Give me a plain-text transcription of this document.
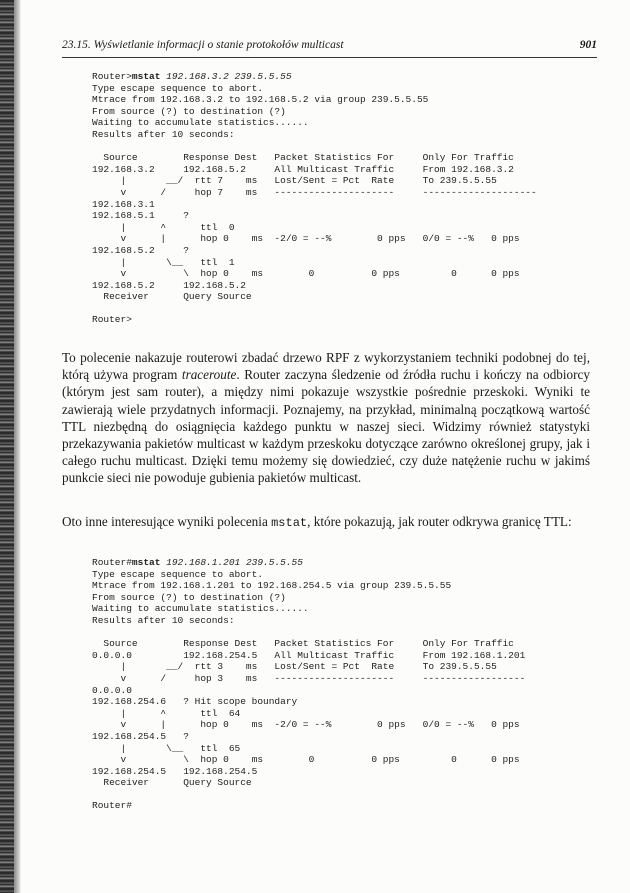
23.15. Wyświetlanie informacji o stanie protokołów multicast	901
Router>mstat 192.168.3.2 239.5.5.55
Type escape sequence to abort.
Mtrace from 192.168.3.2 to 192.168.5.2 via group 239.5.5.55
From source (?) to destination (?)
Waiting to accumulate statistics......
Results after 10 seconds:

Source        Response Dest   Packet Statistics For     Only For Traffic
192.168.3.2     192.168.5.2     All Multicast Traffic     From 192.168.3.2
|       __/  rtt 7    ms   Lost/Sent = Pct  Rate     To 239.5.5.55
v      /     hop 7    ms   ---------------------     --------------------
192.168.3.1
192.168.5.1     ?
|      ^      ttl  0
v      |      hop 0    ms  -2/0 = --%        0 pps   0/0 = --%   0 pps
192.168.5.2     ?
|       \__   ttl  1
v          \  hop 0    ms        0          0 pps         0      0 pps
192.168.5.2     192.168.5.2
Receiver      Query Source

Router>

To polecenie nakazuje routerowi zbadać drzewo RPF z wykorzystaniem techniki podobnej do tej, którą używa program traceroute. Router zaczyna śledzenie od źródła ruchu i kończy na odbiorcy (którym jest sam router), a między nimi pokazuje wszystkie pośrednie przeskoki. Wyniki te zawierają wiele przydatnych informacji. Poznajemy, na przykład, minimalną początkową wartość TTL niezbędną do osiągnięcia każdego punktu w naszej sieci. Widzimy również statystyki przekazywania pakietów multicast w każdym przeskoku dotyczące zarówno określonej grupy, jak i całego ruchu multicast. Dzięki temu możemy się dowiedzieć, czy duże natężenie ruchu w jakimś punkcie sieci nie powoduje gubienia pakietów multicast.

Oto inne interesujące wyniki polecenia mstat, które pokazują, jak router odkrywa granicę TTL:

Router#mstat 192.168.1.201 239.5.5.55
Type escape sequence to abort.
Mtrace from 192.168.1.201 to 192.168.254.5 via group 239.5.5.55
From source (?) to destination (?)
Waiting to accumulate statistics......
Results after 10 seconds:

Source        Response Dest   Packet Statistics For     Only For Traffic
0.0.0.0         192.168.254.5   All Multicast Traffic     From 192.168.1.201
|       __/  rtt 3    ms   Lost/Sent = Pct  Rate     To 239.5.5.55
v      /     hop 3    ms   ---------------------     ------------------
0.0.0.0
192.168.254.6   ? Hit scope boundary
|      ^      ttl  64
v      |      hop 0    ms  -2/0 = --%        0 pps   0/0 = --%   0 pps
192.168.254.5   ?
|       \__   ttl  65
v          \  hop 0    ms        0          0 pps         0      0 pps
192.168.254.5   192.168.254.5
Receiver      Query Source

Router#
